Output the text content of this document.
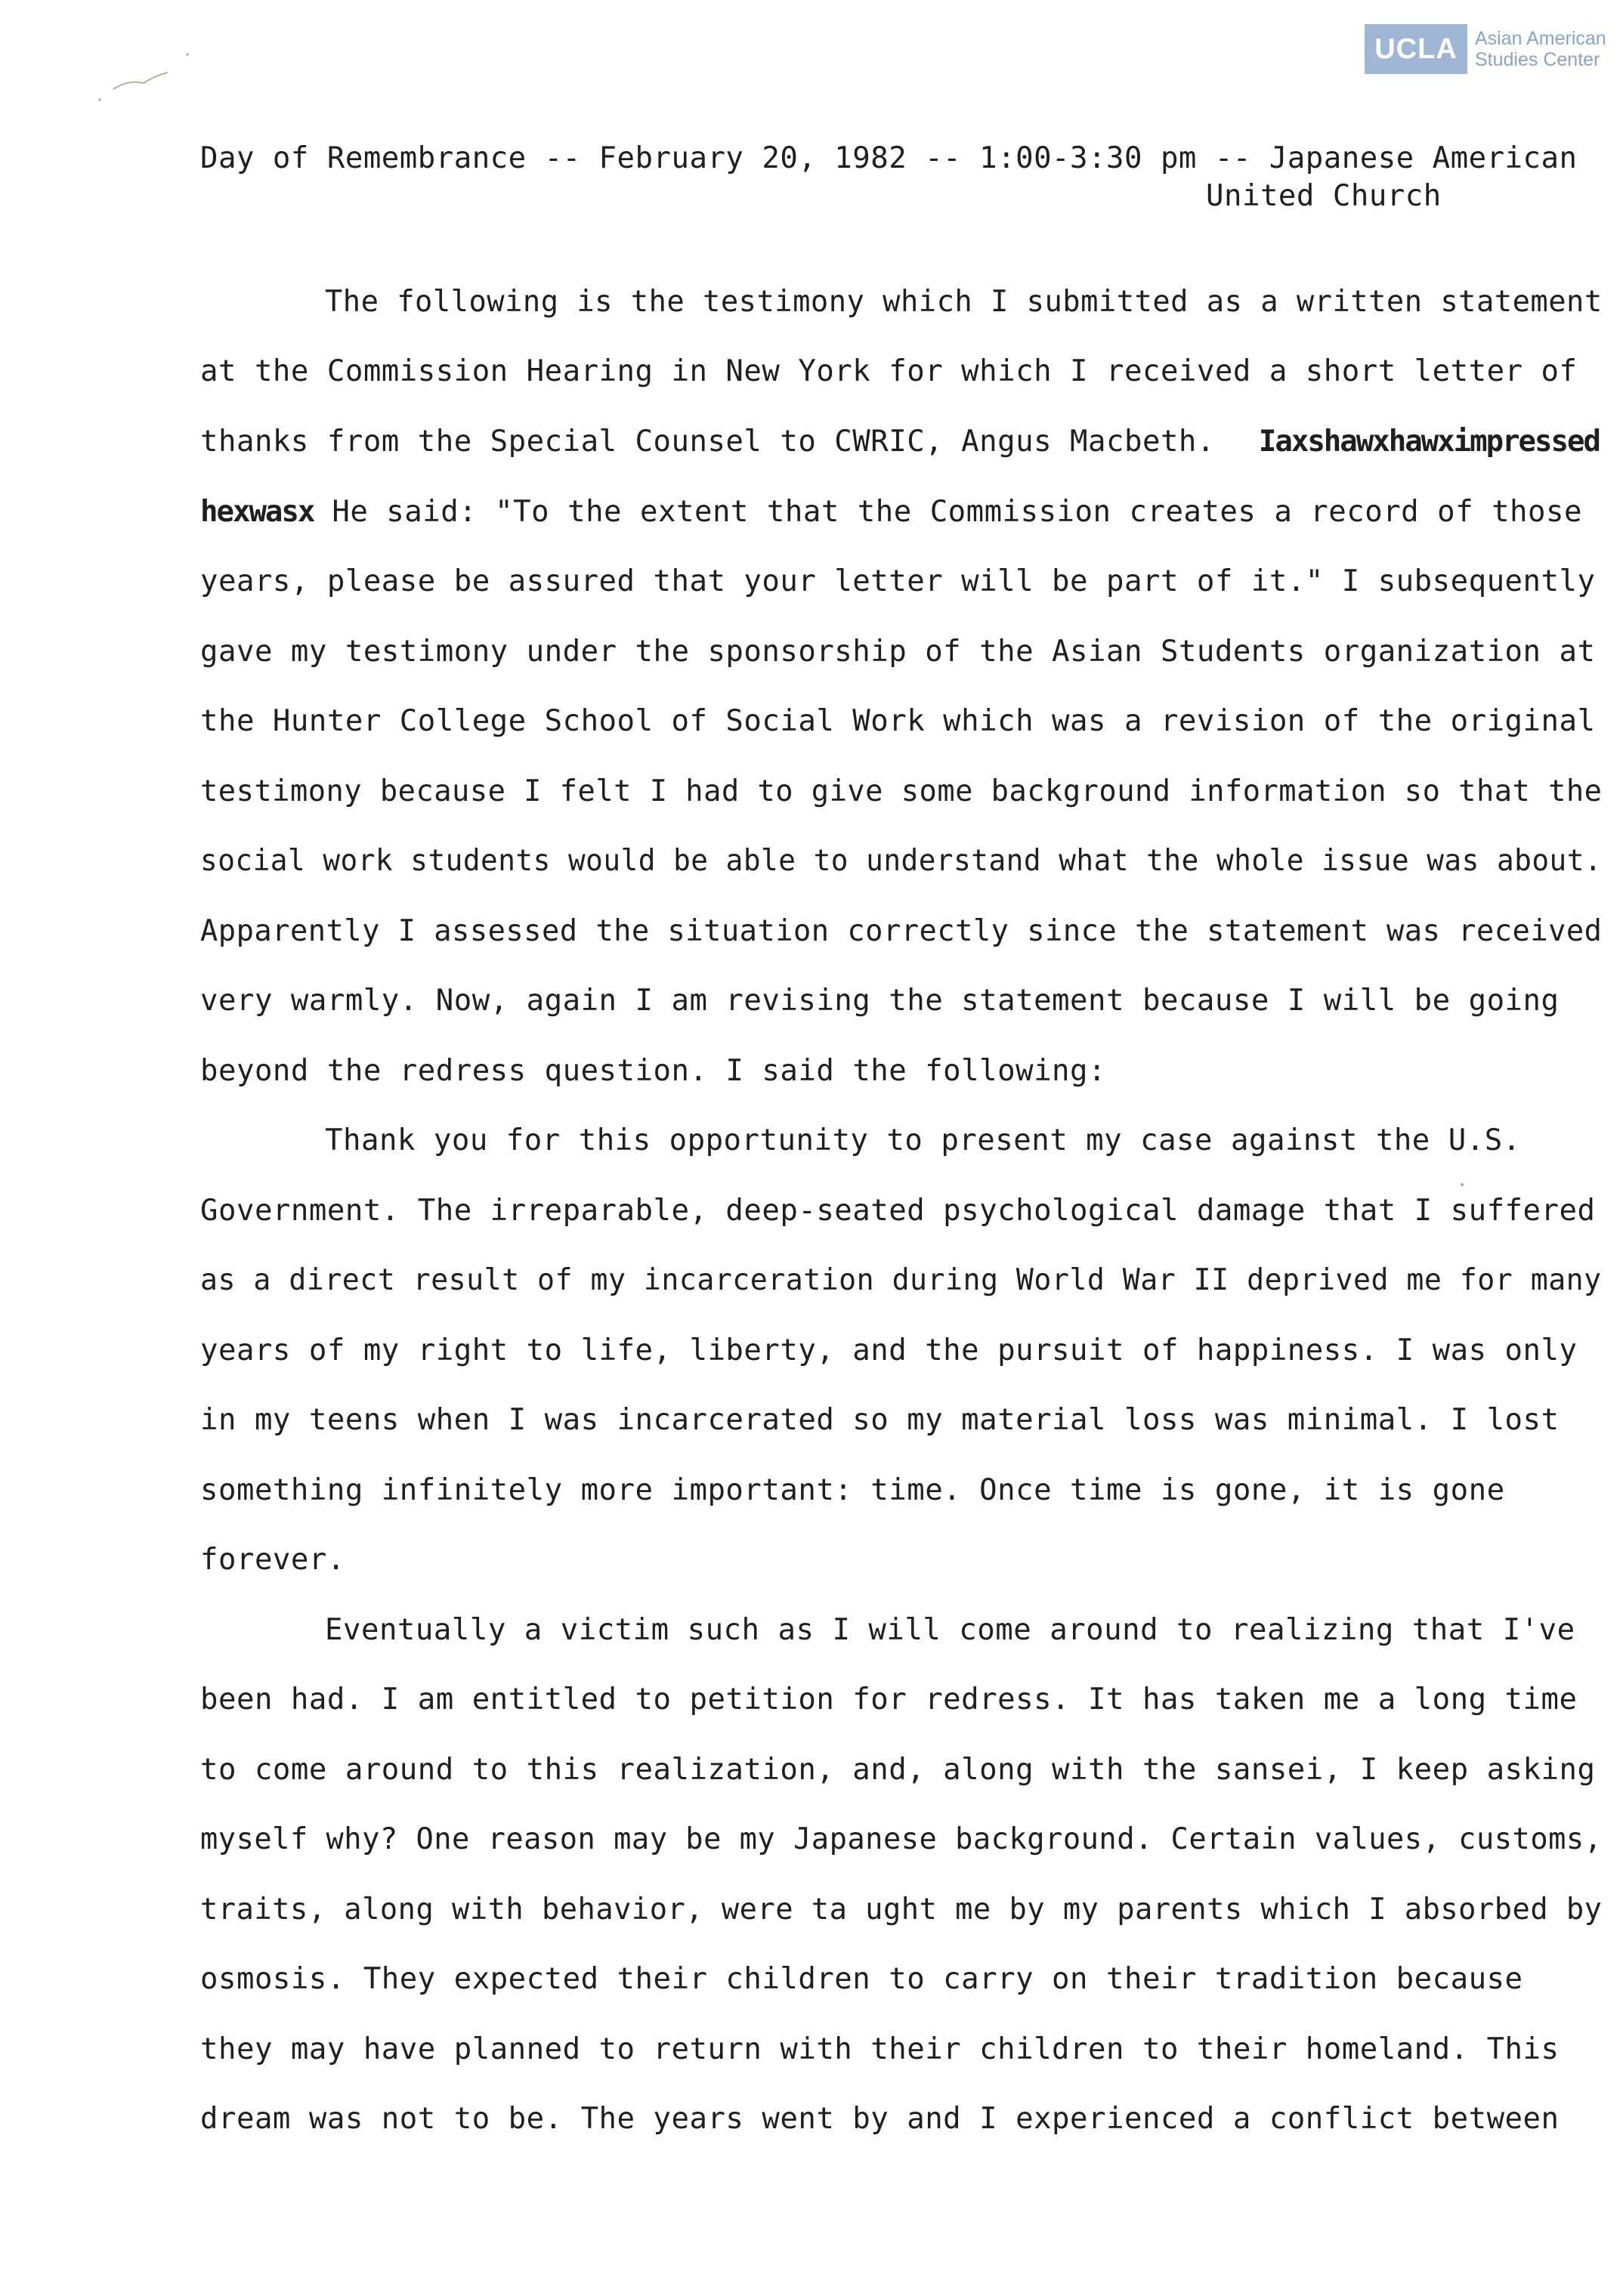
UCLA Asian American
Studies Center
Day of Remembrance -- February 20, 1982 -- 1:00-3:30 pm -- Japanese American
United Church
The following is the testimony which I submitted as a written statement
at the Commission Hearing in New York for which I received a short letter of
thanks from the Special Counsel to CWRIC, Angus Macbeth. Iaxshawxhawximpressed
hexwasx He said: "To the extent that the Commission creates a record of those
years, please be assured that your letter will be part of it." I subsequently
gave my testimony under the sponsorship of the Asian Students organization at
the Hunter College School of Social Work which was a revision of the original
testimony because I felt I had to give some background information so that the
social work students would be able to understand what the whole issue was about.
Apparently I assessed the situation correctly since the statement was received
very warmly. Now, again I am revising the statement because I will be going
beyond the redress question. I said the following:
Thank you for this opportunity to present my case against the U.S.
Government. The irreparable, deep-seated psychological damage that I suffered
as a direct result of my incarceration during World War II deprived me for many
years of my right to life, liberty, and the pursuit of happiness. I was only
in my teens when I was incarcerated so my material loss was minimal. I lost
something infinitely more important: time. Once time is gone, it is gone
forever.
Eventually a victim such as I will come around to realizing that I've
been had. I am entitled to petition for redress. It has taken me a long time
to come around to this realization, and, along with the sansei, I keep asking
myself why? One reason may be my Japanese background. Certain values, customs,
traits, along with behavior, were ta ught me by my parents which I absorbed by
osmosis. They expected their children to carry on their tradition because
they may have planned to return with their children to their homeland. This
dream was not to be. The years went by and I experienced a conflict between
